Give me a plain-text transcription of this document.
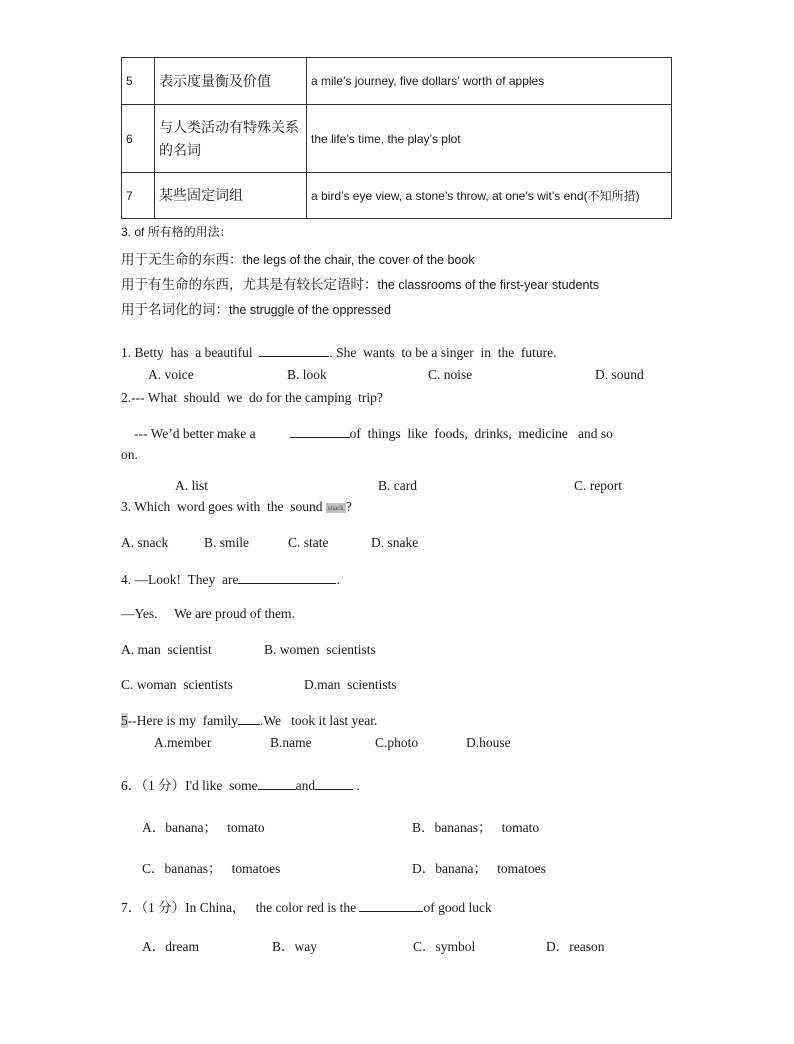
5	表示度量衡及价值	a mile’s journey, five dollars’ worth of apples
6	与人类活动有特殊关系的名词	the life’s time, the play’s plot
7	某些固定词组	a bird’s eye view, a stone’s throw, at one’s wit’s end(不知所措)
3. of 所有格的用法：
用于无生命的东西：the legs of the chair, the cover of the book
用于有生命的东西，尤其是有较长定语时：the classrooms of the first-year students
用于名词化的词：the struggle of the oppressed
1. Betty  has  a beautiful	. She  wants  to be a singer  in  the  future.
A. voice	B. look	C. noise	D. sound
2.--- What  should  we  do for the camping  trip?
--- We’d better make a	of  things  like  foods,  drinks,  medicine   and so
on.
A. list	B. card	C. report
3. Which  word goes with  the  sound snack ?
A. snack	B. smile	C. state	D. snake
4. —Look!  They  are	.
—Yes.     We are proud of them.
A. man  scientist	B. women  scientists
C. woman  scientists	D.man  scientists
5--Here is my  family .We   took it last year.
A.member	B.name	C.photo	D.house
6．（1 分）I'd like  some	and	.
A．banana；   tomato	B．bananas；   tomato
C．bananas；   tomatoes	D．banana；   tomatoes
7．（1 分）In China，   the color red is the	of good luck
A．dream	B．way	C．symbol	D．reason
